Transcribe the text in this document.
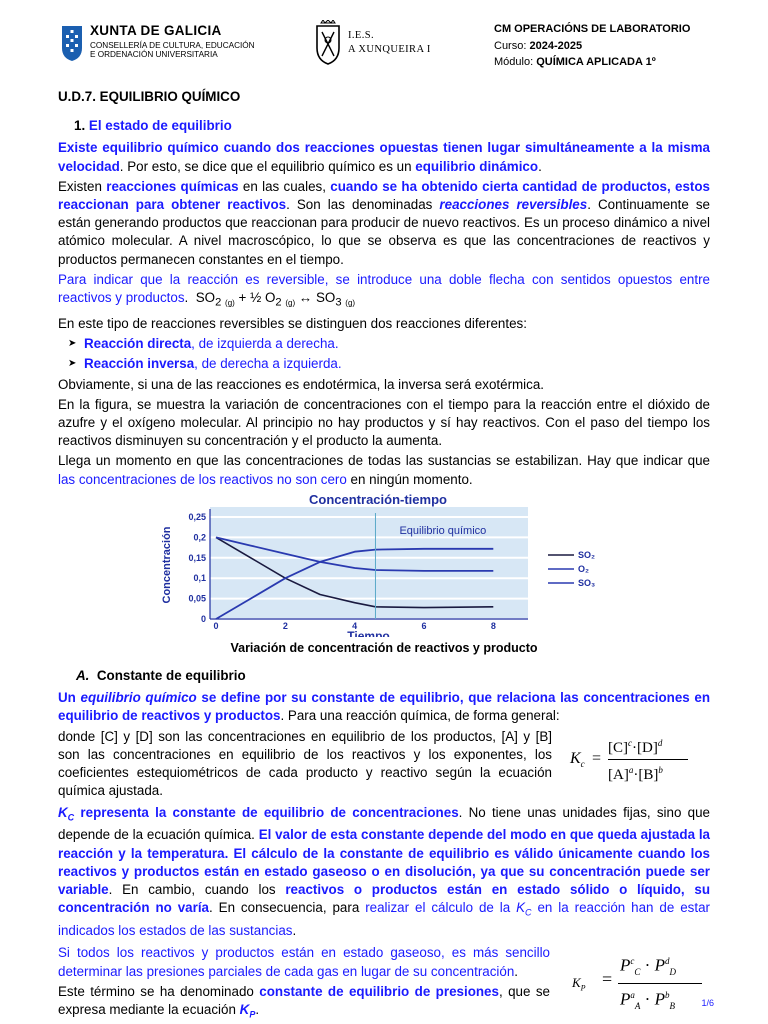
XUNTA DE GALICIA
CONSELLERÍA DE CULTURA, EDUCACIÓN
E ORDENACIÓN UNIVERSITARIA
I.E.S.
A XUNQUEIRA I
CM OPERACIÓNS DE LABORATORIO
Curso: 2024-2025
Módulo: QUÍMICA APLICADA 1º
U.D.7. EQUILIBRIO QUÍMICO
1. El estado de equilibrio

Existe equilibrio químico cuando dos reacciones opuestas tienen lugar simultáneamente a la misma velocidad. Por esto, se dice que el equilibrio químico es un equilibrio dinámico.

Existen reacciones químicas en las cuales, cuando se ha obtenido cierta cantidad de productos, estos reaccionan para obtener reactivos. Son las denominadas reacciones reversibles. Continuamente se están generando productos que reaccionan para producir de nuevo reactivos. Es un proceso dinámico a nivel atómico molecular. A nivel macroscópico, lo que se observa es que las concentraciones de reactivos y productos permanecen constantes en el tiempo.

Para indicar que la reacción es reversible, se introduce una doble flecha con sentidos opuestos entre reactivos y productos. $SO_2$ $_{(g)}$ + ½ $O_2$ $_{(g)}$ ↔ $SO_3$ $_{(g)}$

En este tipo de reacciones reversibles se distinguen dos reacciones diferentes:

➤ Reacción directa, de izquierda a derecha.
➤ Reacción inversa, de derecha a izquierda.

Obviamente, si una de las reacciones es endotérmica, la inversa será exotérmica.

En la figura, se muestra la variación de concentraciones con el tiempo para la reacción entre el dióxido de azufre y el oxígeno molecular. Al principio no hay productos y sí hay reactivos. Con el paso del tiempo los reactivos disminuyen su concentración y el producto la aumenta.

Llega un momento en que las concentraciones de todas las sustancias se estabilizan. Hay que indicar que las concentraciones de los reactivos no son cero en ningún momento.

Concentración-tiempo
Concentración
Tiempo
0
0,05
0,1
0,15
0,2
0,25
0	2	4	6	8
SO₂
O₂
SO₃
Equilibrio químico
Variación de concentración de reactivos y producto
A. Constante de equilibrio

Un equilibrio químico se define por su constante de equilibrio, que relaciona las concentraciones en equilibrio de reactivos y productos. Para una reacción química, de forma general:

donde [C] y [D] son las concentraciones en equilibrio de los productos, [A] y [B] son las concentraciones en equilibrio de los reactivos y los exponentes, los coeficientes estequiométricos de cada producto y reactivo según la ecuación química ajustada.

$K_c$ =
$[C]^c\cdot[D]^d$
$[A]^a\cdot[B]^b$

$K_C$ representa la constante de equilibrio de concentraciones. No tiene unas unidades fijas, sino que depende de la ecuación química. El valor de esta constante depende del modo en que queda ajustada la reacción y la temperatura. El cálculo de la constante de equilibrio es válido únicamente cuando los reactivos y productos están en estado gaseoso o en disolución, ya que su concentración puede ser variable. En cambio, cuando los reactivos o productos están en estado sólido o líquido, su concentración no varía. En consecuencia, para realizar el cálculo de la $K_C$ en la reacción han de estar indicados los estados de las sustancias.

Si todos los reactivos y productos están en estado gaseoso, es más sencillo determinar las presiones parciales de cada gas en lugar de su concentración.

Este término se ha denominado constante de equilibrio de presiones, que se expresa mediante la ecuación $K_P$.

$K_P$ =
$P^c_C \cdot P^d_D$
$P^a_A \cdot P^b_B$	1/6
